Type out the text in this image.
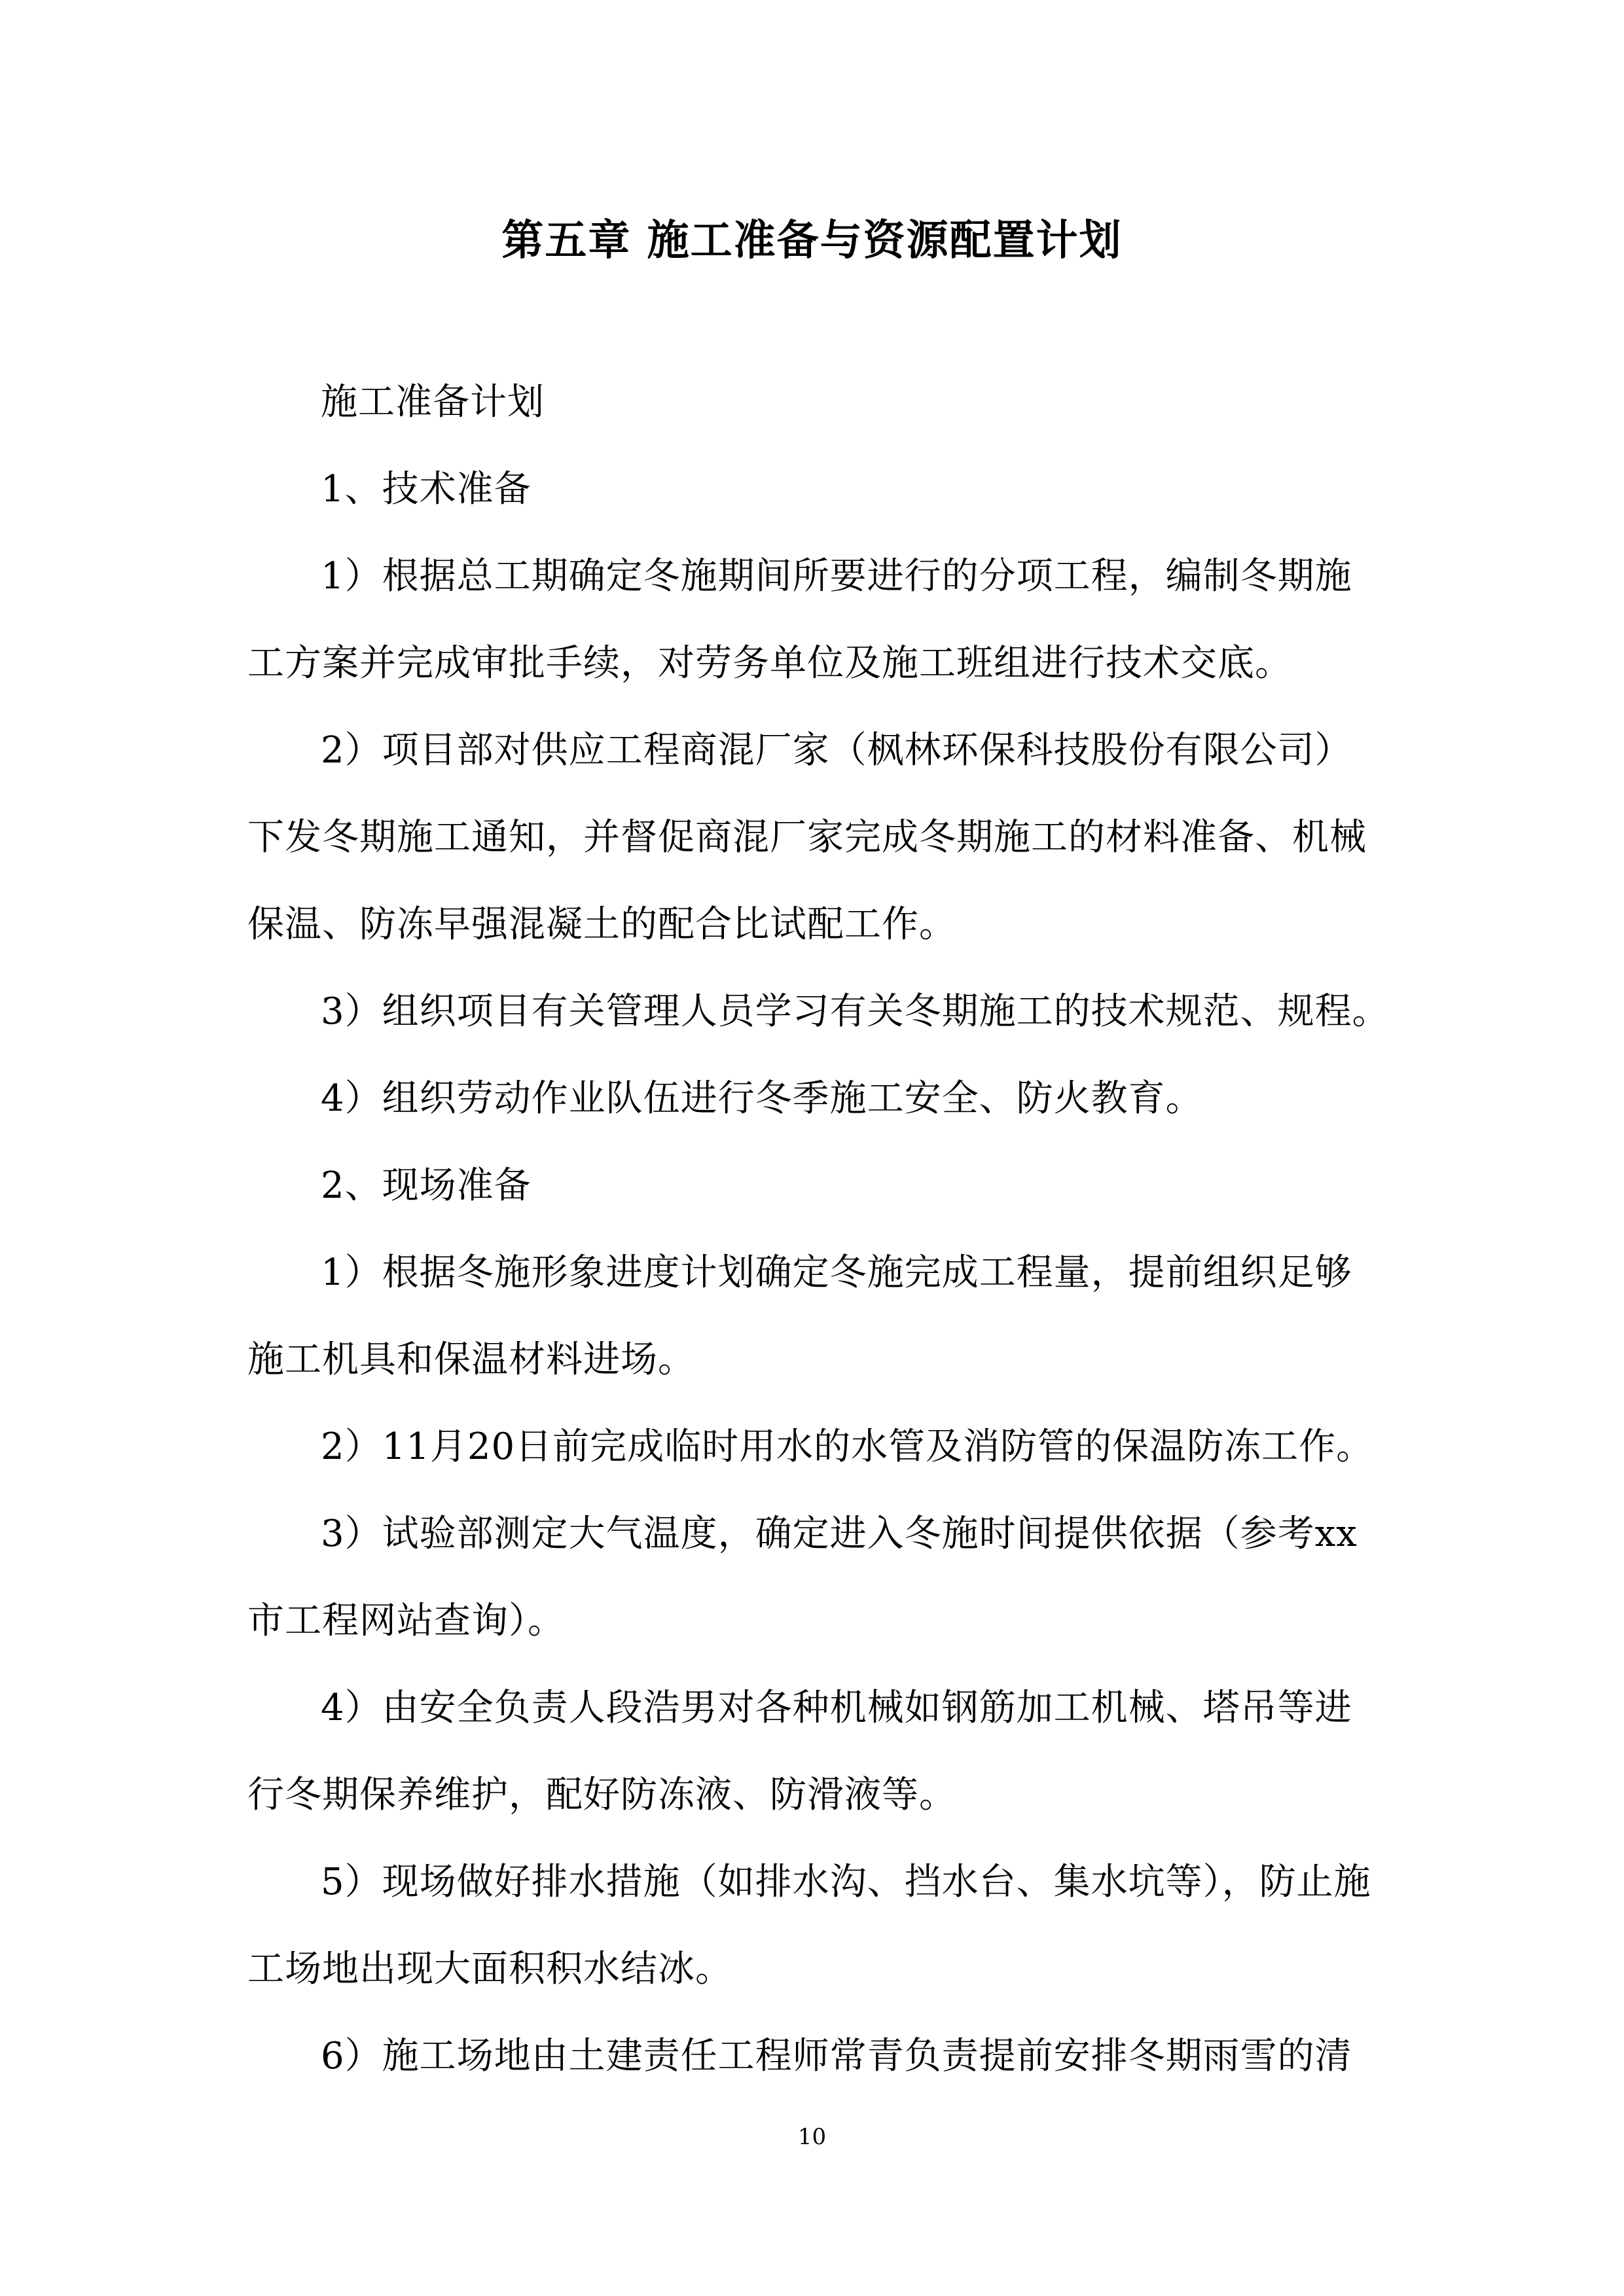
第五章 施工准备与资源配置计划

施工准备计划

1、技术准备

1）根据总工期确定冬施期间所要进行的分项工程，编制冬期施
工方案并完成审批手续，对劳务单位及施工班组进行技术交底。

2）项目部对供应工程商混厂家（枫林环保科技股份有限公司）
下发冬期施工通知，并督促商混厂家完成冬期施工的材料准备、机械
保温、防冻早强混凝土的配合比试配工作。

3）组织项目有关管理人员学习有关冬期施工的技术规范、规程。

4）组织劳动作业队伍进行冬季施工安全、防火教育。

2、现场准备

1）根据冬施形象进度计划确定冬施完成工程量，提前组织足够
施工机具和保温材料进场。

2）11月20日前完成临时用水的水管及消防管的保温防冻工作。

3）试验部测定大气温度，确定进入冬施时间提供依据（参考xx
市工程网站查询）。

4）由安全负责人段浩男对各种机械如钢筋加工机械、塔吊等进
行冬期保养维护，配好防冻液、防滑液等。

5）现场做好排水措施（如排水沟、挡水台、集水坑等），防止施
工场地出现大面积积水结冰。

6）施工场地由土建责任工程师常青负责提前安排冬期雨雪的清

10
